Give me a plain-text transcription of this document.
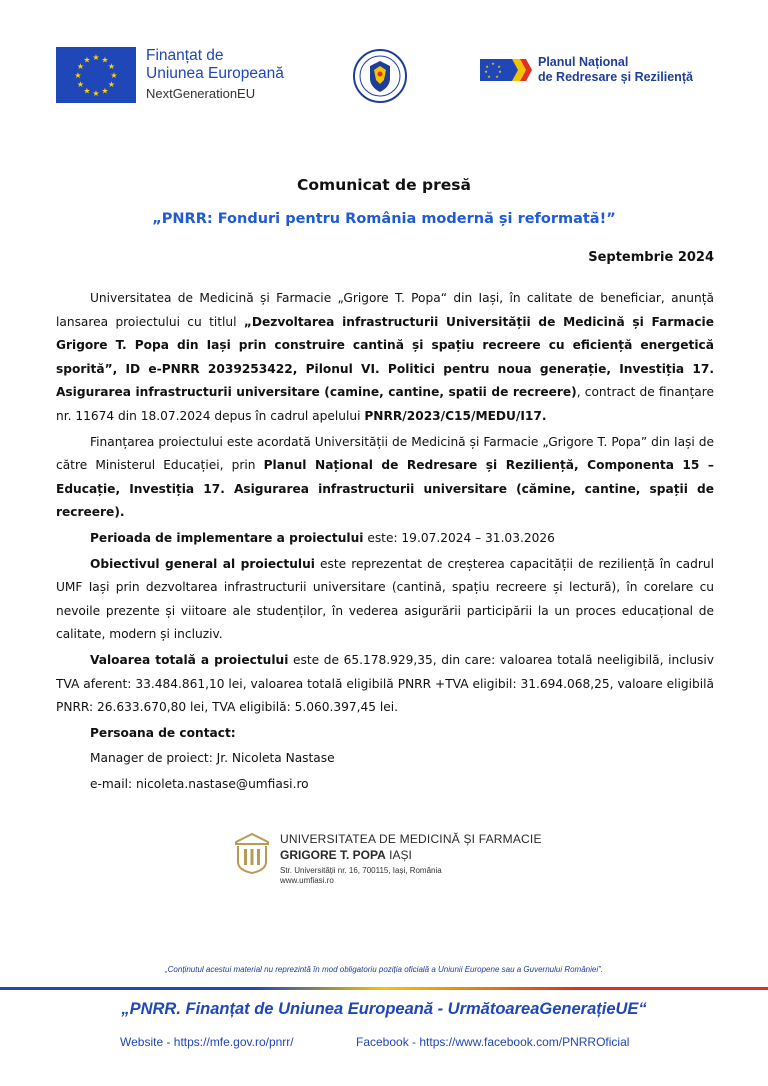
★ ★
★
★
★
★
★
★
★
★
★
★	Finanțat de
Uniunea Europeană
NextGenerationEU
★
★
★
★
★
★
★	Planul Național
de Redresare și Reziliență
Comunicat de presă
„PNRR: Fonduri pentru România modernă și reformată!”
Septembrie 2024

Universitatea de Medicină și Farmacie „Grigore T. Popa“ din Iași, în calitate de beneficiar, anunță lansarea proiectului cu titlul „Dezvoltarea infrastructurii Universității de Medicină și Farmacie Grigore T. Popa din Iași prin construire cantină și spațiu recreere cu eficiență energetică sporită”, ID e-PNRR 2039253422, Pilonul VI. Politici pentru noua generație, Investiția 17. Asigurarea infrastructurii universitare (camine, cantine, spatii de recreere), contract de finanțare nr. 11674 din 18.07.2024 depus în cadrul apelului PNRR/2023/C15/MEDU/I17.

Finanțarea proiectului este acordată Universității de Medicină și Farmacie „Grigore T. Popa” din Iași de către Ministerul Educației, prin Planul Național de Redresare și Reziliență, Componenta 15 – Educație, Investiția 17. Asigurarea infrastructurii universitare (cămine, cantine, spații de recreere).

Perioada de implementare a proiectului este: 19.07.2024 – 31.03.2026

Obiectivul general al proiectului este reprezentat de creșterea capacității de reziliență în cadrul UMF Iași prin dezvoltarea infrastructurii universitare (cantină, spațiu recreere și lectură), în corelare cu nevoile prezente și viitoare ale studenților, în vederea asigurării participării la un proces educațional de calitate, modern și incluziv.

Valoarea totală a proiectului este de 65.178.929,35, din care: valoarea totală neeligibilă, inclusiv TVA aferent: 33.484.861,10 lei, valoarea totală eligibilă PNRR +TVA eligibil: 31.694.068,25, valoare eligibilă PNRR: 26.633.670,80 lei, TVA eligibilă: 5.060.397,45 lei.

Persoana de contact:

Manager de proiect: Jr. Nicoleta Nastase

e-mail: nicoleta.nastase@umfiasi.ro

UNIVERSITATEA DE MEDICINĂ ȘI FARMACIE
GRIGORE T. POPA IAȘI
Str. Universității nr. 16, 700115, Iași, România
www.umfiasi.ro
„Conținutul acestui material nu reprezintă în mod obligatoriu poziția oficială a Uniunii Europene sau a Guvernului României”.
„PNRR. Finanțat de Uniunea Europeană - UrmătoareaGenerațieUE“
Website - https://mfe.gov.ro/pnrr/	Facebook - https://www.facebook.com/PNRROficial
